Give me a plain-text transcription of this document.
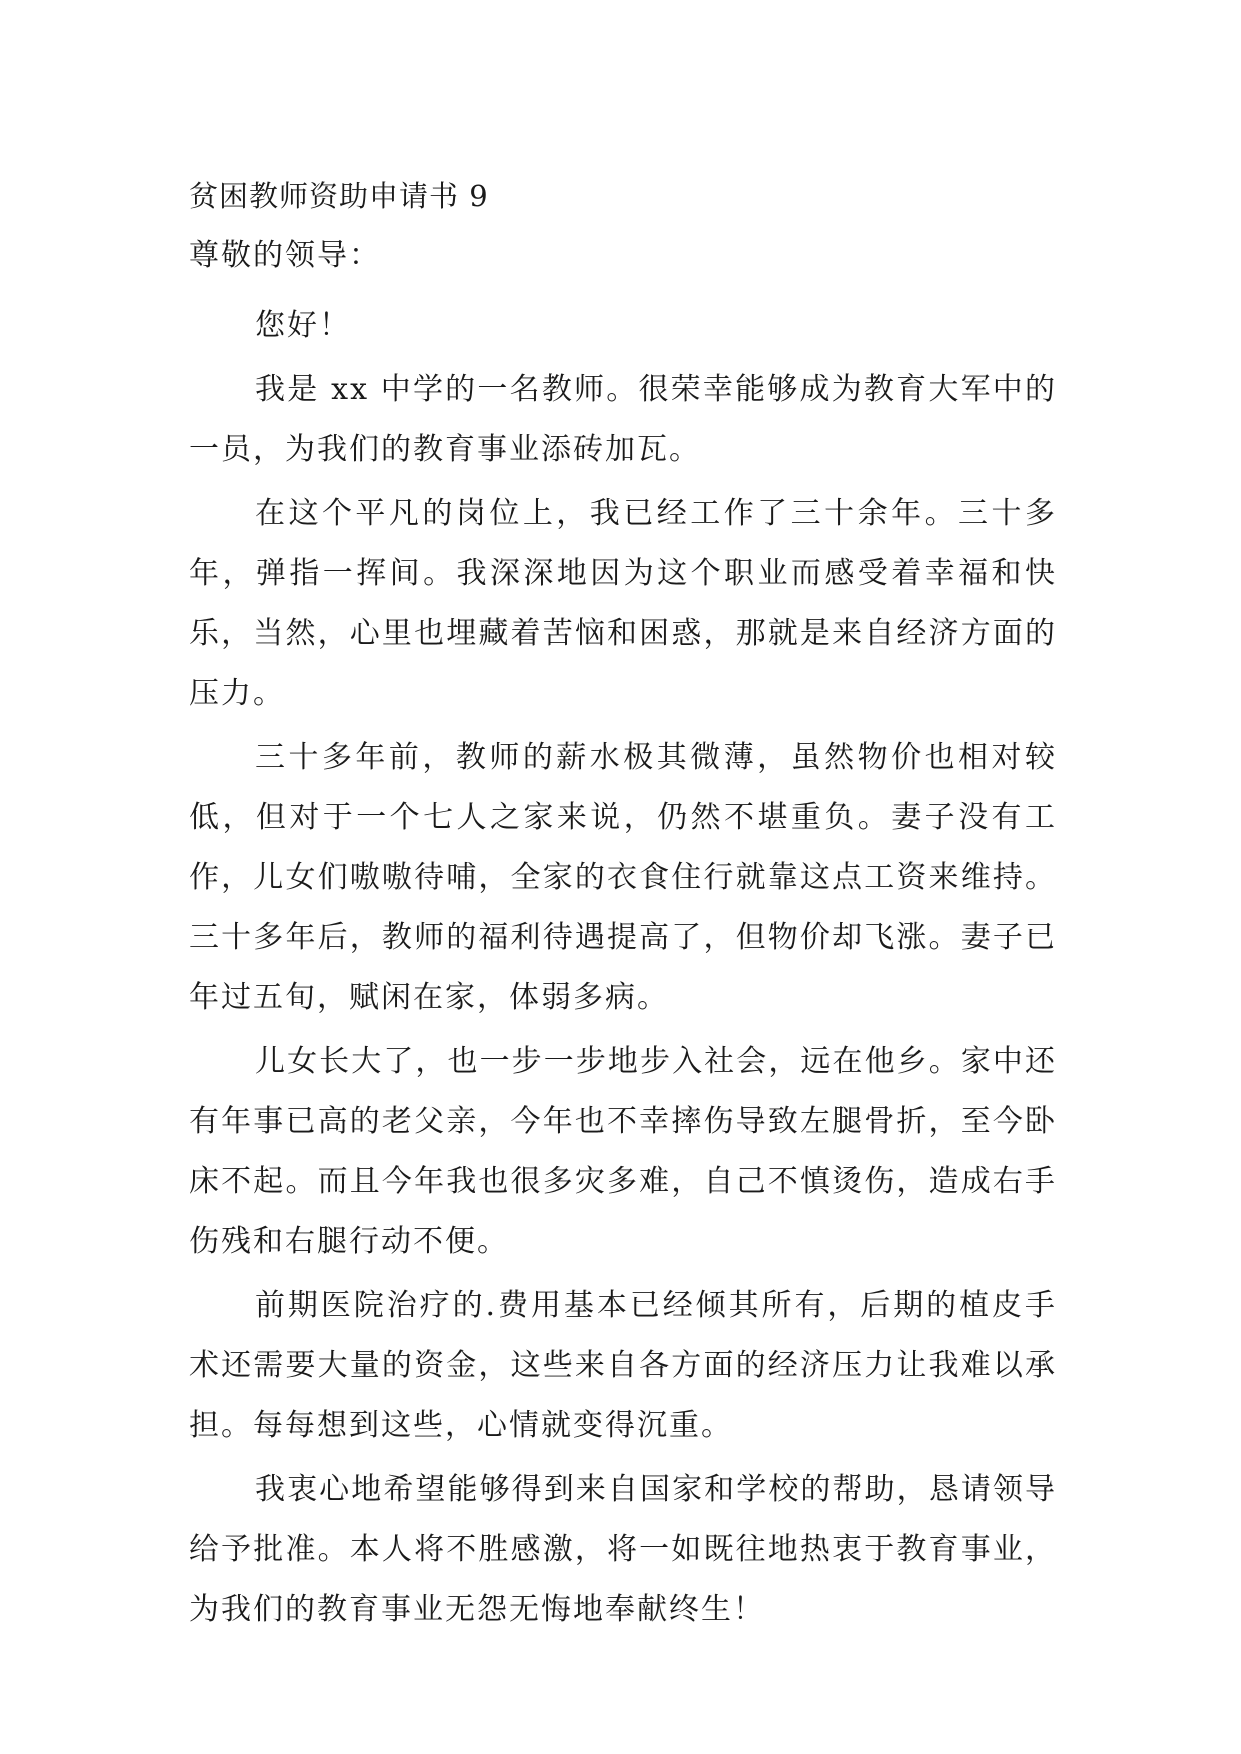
贫困教师资助申请书 9

尊敬的领导：

您好！

我是 xx 中学的一名教师。很荣幸能够成为教育大军中的一员，为我们的教育事业添砖加瓦。

在这个平凡的岗位上，我已经工作了三十余年。三十多年，弹指一挥间。我深深地因为这个职业而感受着幸福和快乐，当然，心里也埋藏着苦恼和困惑，那就是来自经济方面的压力。

三十多年前，教师的薪水极其微薄，虽然物价也相对较低，但对于一个七人之家来说，仍然不堪重负。妻子没有工作，儿女们嗷嗷待哺，全家的衣食住行就靠这点工资来维持。三十多年后，教师的福利待遇提高了，但物价却飞涨。妻子已年过五旬，赋闲在家，体弱多病。

儿女长大了，也一步一步地步入社会，远在他乡。家中还有年事已高的老父亲，今年也不幸摔伤导致左腿骨折，至今卧床不起。而且今年我也很多灾多难，自己不慎烫伤，造成右手伤残和右腿行动不便。

前期医院治疗的.费用基本已经倾其所有，后期的植皮手术还需要大量的资金，这些来自各方面的经济压力让我难以承担。每每想到这些，心情就变得沉重。

我衷心地希望能够得到来自国家和学校的帮助，恳请领导给予批准。本人将不胜感激，将一如既往地热衷于教育事业，为我们的教育事业无怨无悔地奉献终生！
